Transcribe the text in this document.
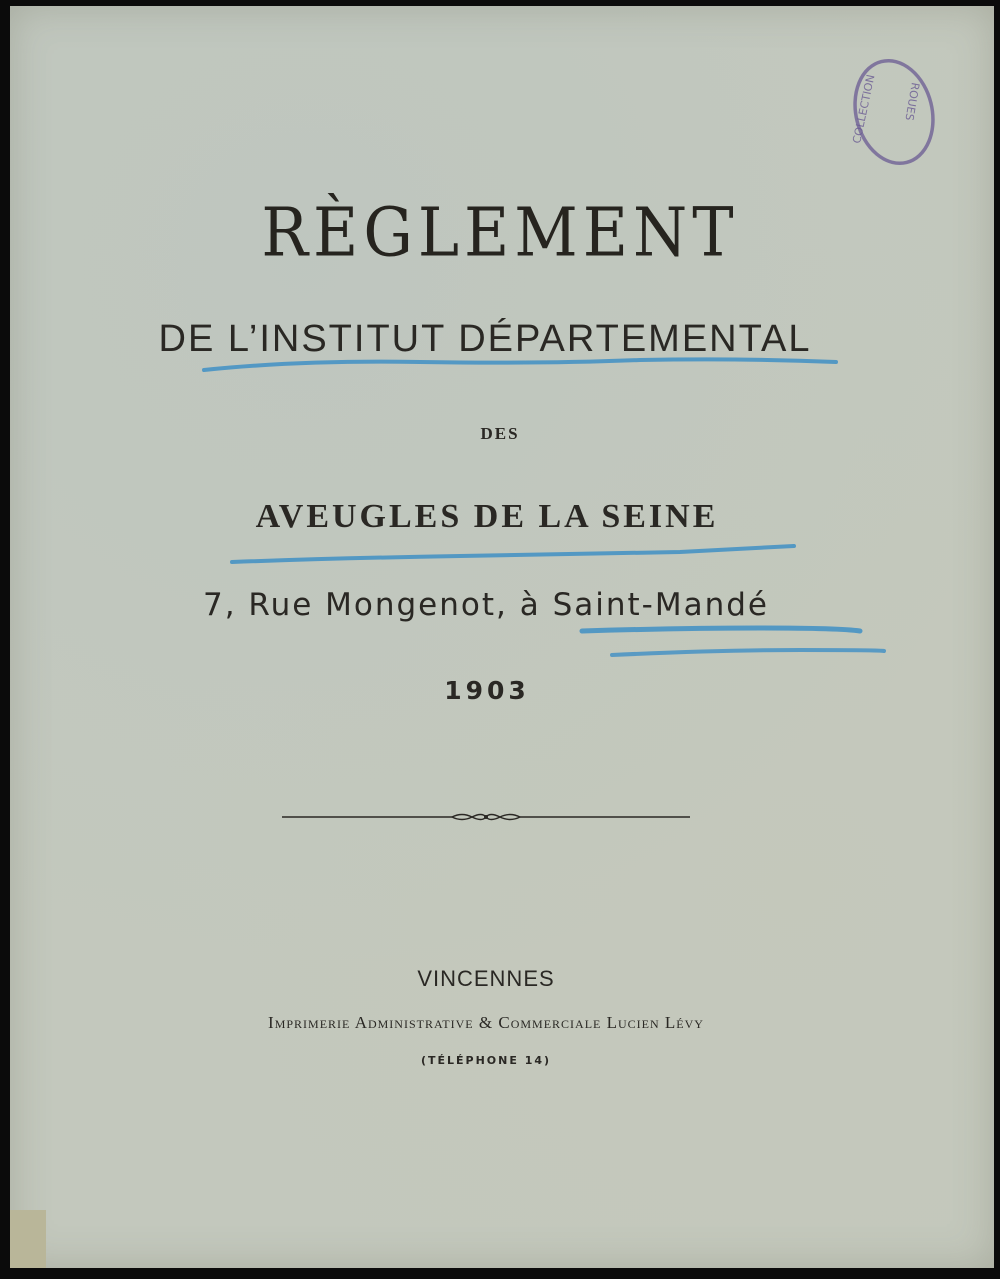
RÈGLEMENT
DE L’INSTITUT DÉPARTEMENTAL
DES
AVEUGLES DE LA SEINE
7, Rue Mongenot, à Saint-Mandé
1903
VINCENNES
Imprimerie Administrative & Commerciale Lucien Lévy
(TÉLÉPHONE 14)
COLLECTION ROUES
